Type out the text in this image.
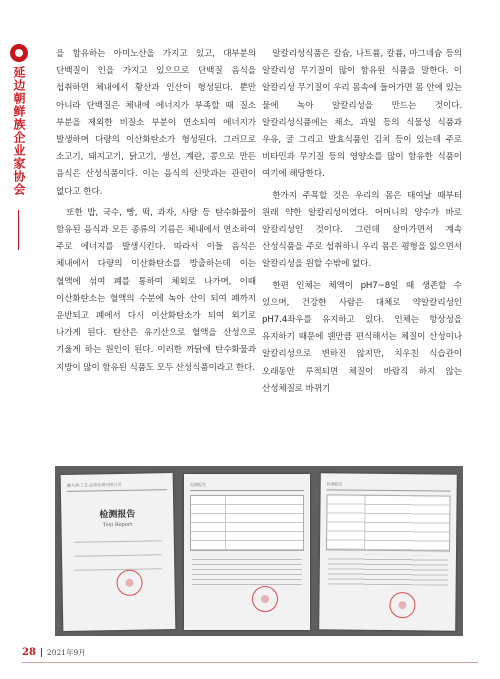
延边朝鲜族企业家协会

을 함유하는 아미노산을 가지고 있고, 대부분의 단백질이 인을 가지고 있으므로 단백질 음식을 섭취하면 체내에서 황산과 인산이 형성된다. 뿐만 아니라 단백질은 체내에 에너지가 부족할 때 질소 부분을 제외한 비질소 부분이 연소되여 에너지가 발생하며 다량의 이산화탄소가 형성된다. 그러므로 소고기, 돼지고기, 닭고기, 생선, 계란, 콩으로 만든 음식은 산성식품이다. 이는 음식의 신맛과는 관련이 없다고 한다.

또한 밥, 국수, 빵, 떡, 과자, 사탕 등 탄수화물이 함유된 음식과 모든 종류의 기름은 체내에서 연소하여 주로 에너지를 발생시킨다. 따라서 이들 음식은 체내에서 다량의 이산화탄소를 방출하는데 이는 혈액에 섞여 폐를 통하여 체외로 나가며, 이때 이산화탄소는 혈액의 수분에 녹아 산이 되여 폐까지 운반되고 폐에서 다시 이산화탄소가 되여 외기로 나가게 된다. 탄산은 유기산으로 혈액을 산성으로 기울게 하는 원인이 된다. 이러한 까닭에 탄수화물과 지방이 많이 함유된 식품도 모두 산성식품이라고 한다.

알칼리성식품은 칼슘, 나트륨, 칼륨, 마그네슘 등의 알칼리성 무기질이 많이 함유된 식품을 말한다. 이 알칼리성 무기질이 우리 몸속에 들어가면 몸 안에 있는 물에 녹아 알칼리성을 만드는 것이다. 알칼리성식품에는 채소, 과일 등의 식물성 식품과 우유, 굴 그리고 발효식품인 김치 등이 있는데 주로 비타민과 무기질 등의 영양소를 많이 함유한 식품이 여기에 해당한다.

한가지 주목할 것은 우리의 몸은 태여날 때부터 원래 약한 알칼리성이였다. 어머니의 양수가 바로 알칼리성인 것이다. 그런데 살아가면서 계속 산성식품을 주로 섭취하니 우리 몸은 평형을 잃으면서 알칼리성을 원할 수밖에 없다.

한편 인체는 체액이 pH7~8일 때 생존할 수 있으며, 건강한 사람은 대체로 약알칼리성인 pH7.4좌우를 유지하고 있다. 인체는 항상성을 유지하기 때문에 웬만큼 편식해서는 체질이 산성이나 알칼리성으로 변하진 않지만, 치우친 식습관이 오래동안 루적되면 체질이 바람직 하지 않는 산성체질로 바뀌기

鑫九洲·工艺·品质检测有限公司
检测报告
Test Report
检测报告	检测报告
28 2021年9月
